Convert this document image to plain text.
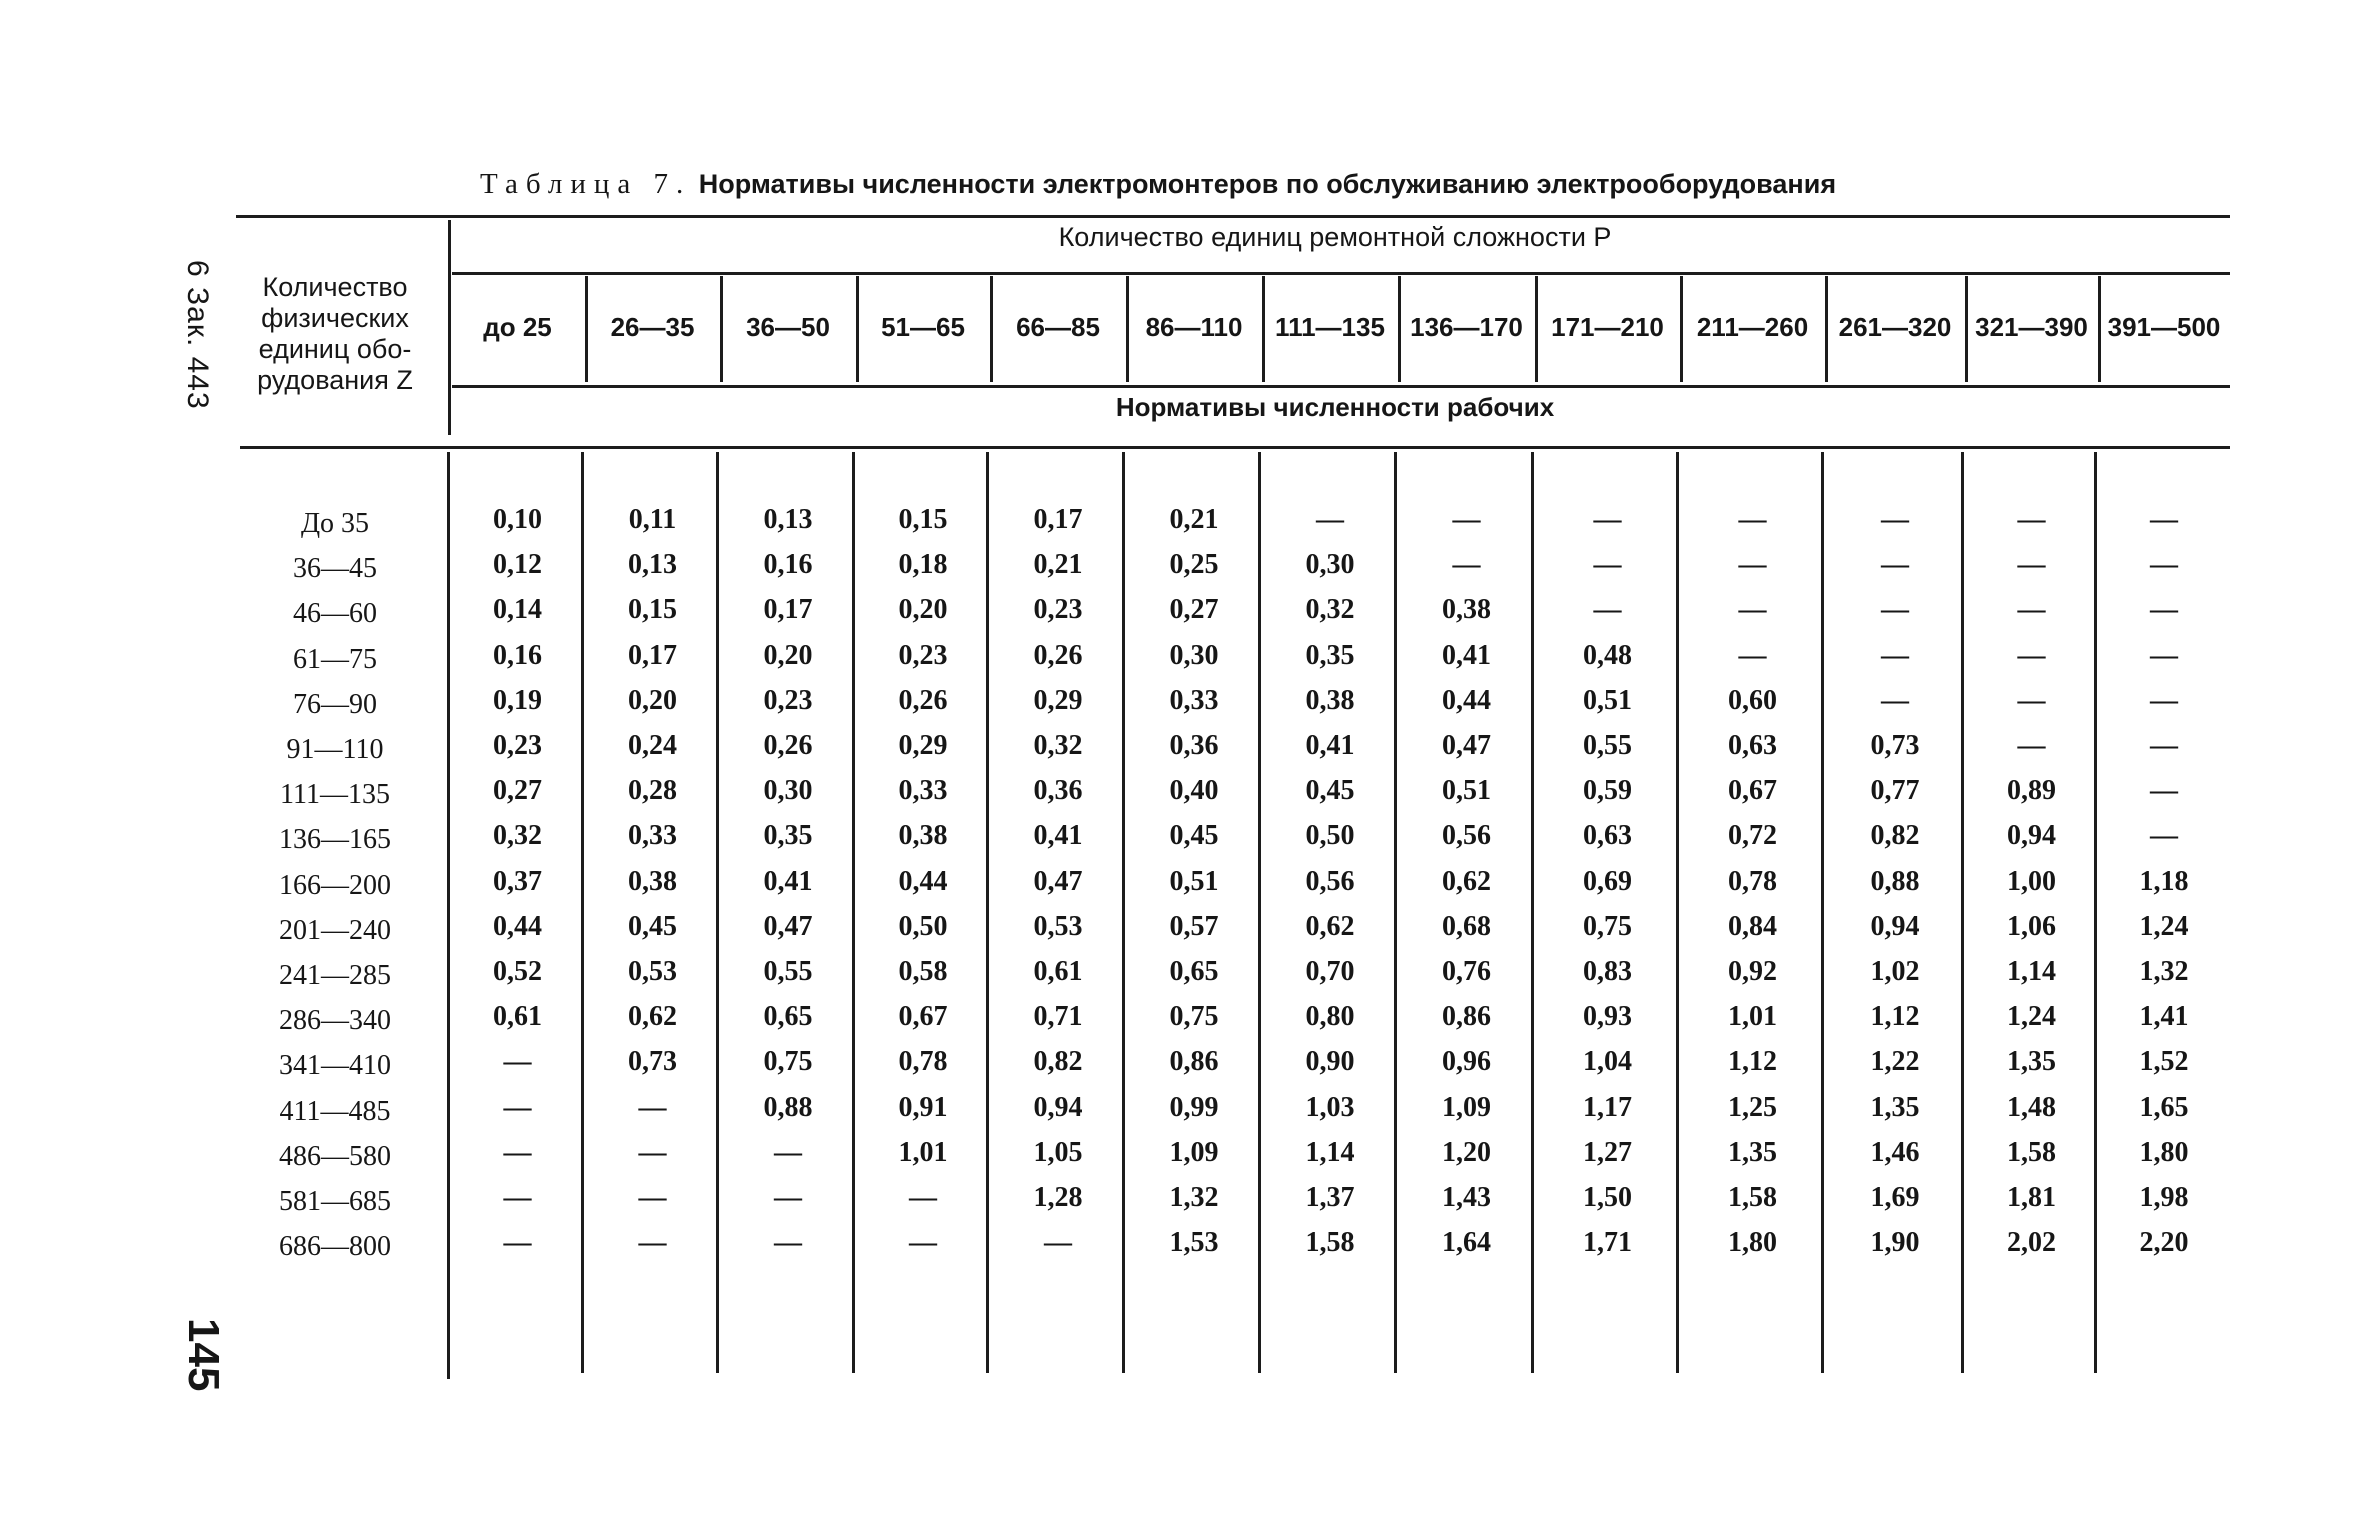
6 Зак. 443
145
Таблица 7. Нормативы численности электромонтеров по обслуживанию электрооборудования
Количество физических единиц обо-рудования Z
Количество единиц ремонтной сложности P
Нормативы численности рабочих
до 25	26—35	36—50	51—65	66—85	86—110	111—135 136—170	171—210	211—260	261—320 321—390 391—500
До 35	0,10	0,11	0,13	0,15	0,17	0,21	—	—	—	—	—	—	—
36—45	0,12	0,13	0,16	0,18	0,21	0,25	0,30	—	—	—	—	—	—
46—60	0,14	0,15	0,17	0,20	0,23	0,27	0,32	0,38	—	—	—	—	—
61—75	0,16	0,17	0,20	0,23	0,26	0,30	0,35	0,41	0,48	—	—	—	—
76—90	0,19	0,20	0,23	0,26	0,29	0,33	0,38	0,44	0,51	0,60	—	—	—
91—110	0,23	0,24	0,26	0,29	0,32	0,36	0,41	0,47	0,55	0,63	0,73	—	—
111—135	0,27	0,28	0,30	0,33	0,36	0,40	0,45	0,51	0,59	0,67	0,77	0,89	—
136—165	0,32	0,33	0,35	0,38	0,41	0,45	0,50	0,56	0,63	0,72	0,82	0,94	—
166—200	0,37	0,38	0,41	0,44	0,47	0,51	0,56	0,62	0,69	0,78	0,88	1,00	1,18
201—240	0,44	0,45	0,47	0,50	0,53	0,57	0,62	0,68	0,75	0,84	0,94	1,06	1,24
241—285	0,52	0,53	0,55	0,58	0,61	0,65	0,70	0,76	0,83	0,92	1,02	1,14	1,32
286—340	0,61	0,62	0,65	0,67	0,71	0,75	0,80	0,86	0,93	1,01	1,12	1,24	1,41
341—410	—	0,73	0,75	0,78	0,82	0,86	0,90	0,96	1,04	1,12	1,22	1,35	1,52
411—485	—	—	0,88	0,91	0,94	0,99	1,03	1,09	1,17	1,25	1,35	1,48	1,65
486—580	—	—	—	1,01	1,05	1,09	1,14	1,20	1,27	1,35	1,46	1,58	1,80
581—685	—	—	—	—	1,28	1,32	1,37	1,43	1,50	1,58	1,69	1,81	1,98
686—800	—	—	—	—	—	1,53	1,58	1,64	1,71	1,80	1,90	2,02	2,20
